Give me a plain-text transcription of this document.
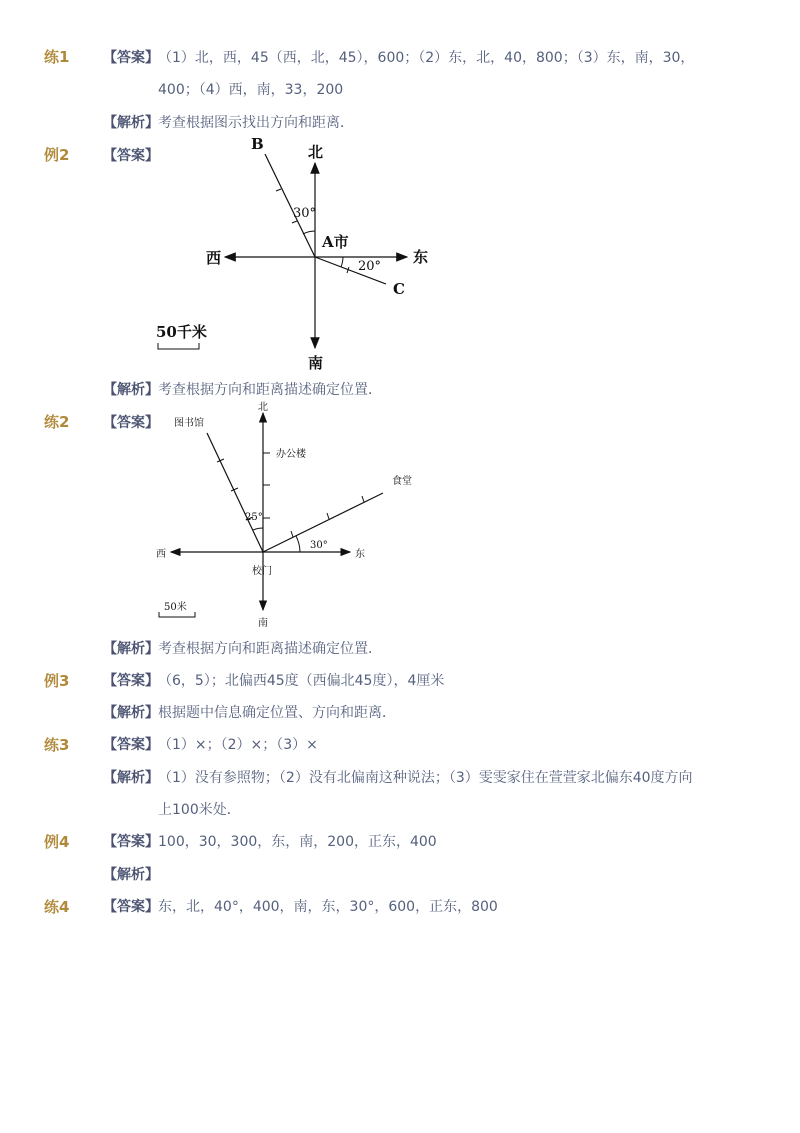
练1 【答案】 （1）北，西，45（西，北，45），600；（2）东，北，40，800；（3）东，南，30，
400；（4）西，南，33，200
【解析】 考查根据图示找出方向和距离．
例2 【答案】	北
南
东
西
A市
B
C
30°
20°
50千米
【解析】 考查根据方向和距离描述确定位置．
练2 【答案】
北
南
东
西
图书馆
办公楼
食堂
校门
25°
30°
50米
【解析】 考查根据方向和距离描述确定位置．
例3 【答案】 （6，5）；北偏西45度（西偏北45度），4厘米
【解析】 根据题中信息确定位置、方向和距离．
练3 【答案】 （1）×；（2）×；（3）×
【解析】 （1）没有参照物；（2）没有北偏南这种说法；（3）雯雯家住在萱萱家北偏东40度方向
上100米处．
例4 【答案】 100，30，300，东，南，200，正东，400
【解析】
练4 【答案】 东，北，40°，400，南，东，30°，600，正东，800
